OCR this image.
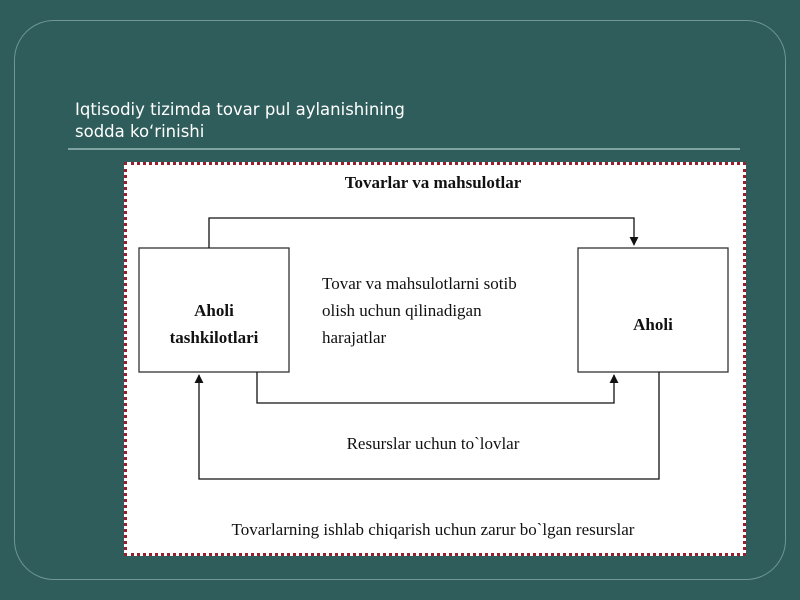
Iqtisodiy tizimda tovar pul aylanishining
sodda ko‘rinishi
Tovarlar va mahsulotlar
Aholi
tashkilotlari
Aholi
Tovar va mahsulotlarni sotib
olish uchun qilinadigan
harajatlar
Resurslar uchun to`lovlar
Tovarlarning ishlab chiqarish uchun zarur bo`lgan resurslar
